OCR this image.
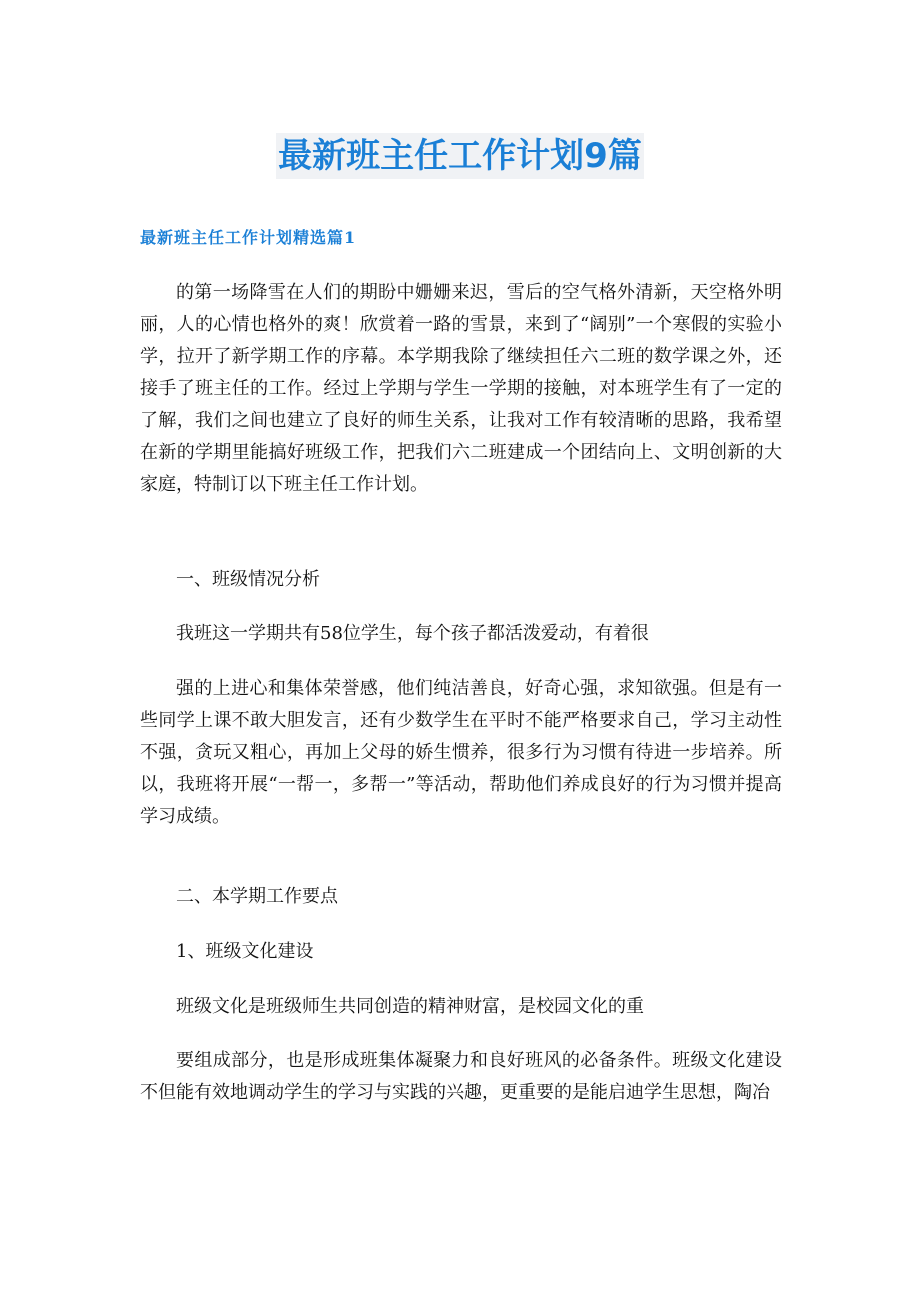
最新班主任工作计划9篇
最新班主任工作计划精选篇1

的第一场降雪在人们的期盼中姗姗来迟，雪后的空气格外清新，天空格外明丽，人的心情也格外的爽！欣赏着一路的雪景，来到了“阔别”一个寒假的实验小学，拉开了新学期工作的序幕。本学期我除了继续担任六二班的数学课之外，还接手了班主任的工作。经过上学期与学生一学期的接触，对本班学生有了一定的了解，我们之间也建立了良好的师生关系，让我对工作有较清晰的思路，我希望在新的学期里能搞好班级工作，把我们六二班建成一个团结向上、文明创新的大家庭，特制订以下班主任工作计划。

一、班级情况分析

我班这一学期共有58位学生，每个孩子都活泼爱动，有着很

强的上进心和集体荣誉感，他们纯洁善良，好奇心强，求知欲强。但是有一些同学上课不敢大胆发言，还有少数学生在平时不能严格要求自己，学习主动性不强，贪玩又粗心，再加上父母的娇生惯养，很多行为习惯有待进一步培养。所以，我班将开展“一帮一，多帮一”等活动，帮助他们养成良好的行为习惯并提高学习成绩。

二、本学期工作要点

1、班级文化建设

班级文化是班级师生共同创造的精神财富，是校园文化的重

要组成部分，也是形成班集体凝聚力和良好班风的必备条件。班级文化建设不但能有效地调动学生的学习与实践的兴趣，更重要的是能启迪学生思想，陶冶
